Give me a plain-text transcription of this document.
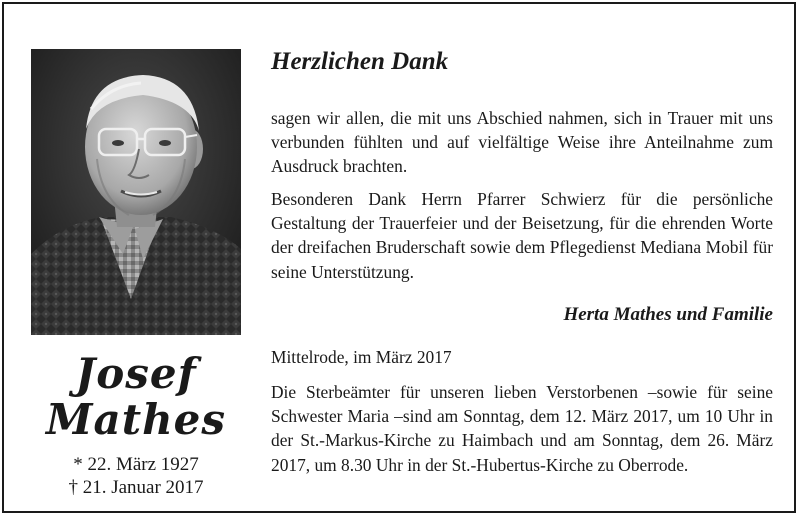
Josef
Mathes
* 22. März 1927
† 21. Januar 2017
Herzlichen Dank

sagen wir allen, die mit uns Abschied nahmen, sich in Trauer mit uns verbunden fühlten und auf vielfältige Weise ihre Anteilnahme zum Ausdruck brachten.

Besonderen Dank Herrn Pfarrer Schwierz für die persönliche Gestaltung der Trauerfeier und der Beisetzung, für die ehrenden Worte der dreifachen Bruderschaft sowie dem Pflegedienst Mediana Mobil für seine Unterstützung.

Herta Mathes und Familie
Mittelrode, im März 2017

Die Sterbeämter für unseren lieben Verstorbenen –sowie für seine Schwester Maria –sind am Sonntag, dem 12. März 2017, um 10 Uhr in der St.-Markus-Kirche zu Haimbach und am Sonntag, dem 26. März 2017, um 8.30 Uhr in der St.-Hubertus-Kirche zu Oberrode.
